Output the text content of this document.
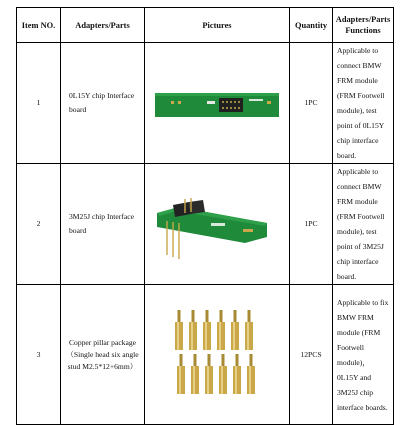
Item NO.	Adapters/Parts	Pictures	Quantity	Adapters/Parts Functions
1	0L15Y chip Interface board		1PC	Applicable to connect BMW FRM module (FRM Footwell module), test point of 0L15Y chip interface board.
2	3M25J chip Interface board		1PC	Applicable to connect BMW FRM module (FRM Footwell module), test point of 3M25J chip interface board.
3	Copper pillar package（Single head six angle stud M2.5*12+6mm）		12PCS	Applicable to fix BMW FRM module (FRM Footwell module)，0L15Y and 3M25J chip interface boards.
